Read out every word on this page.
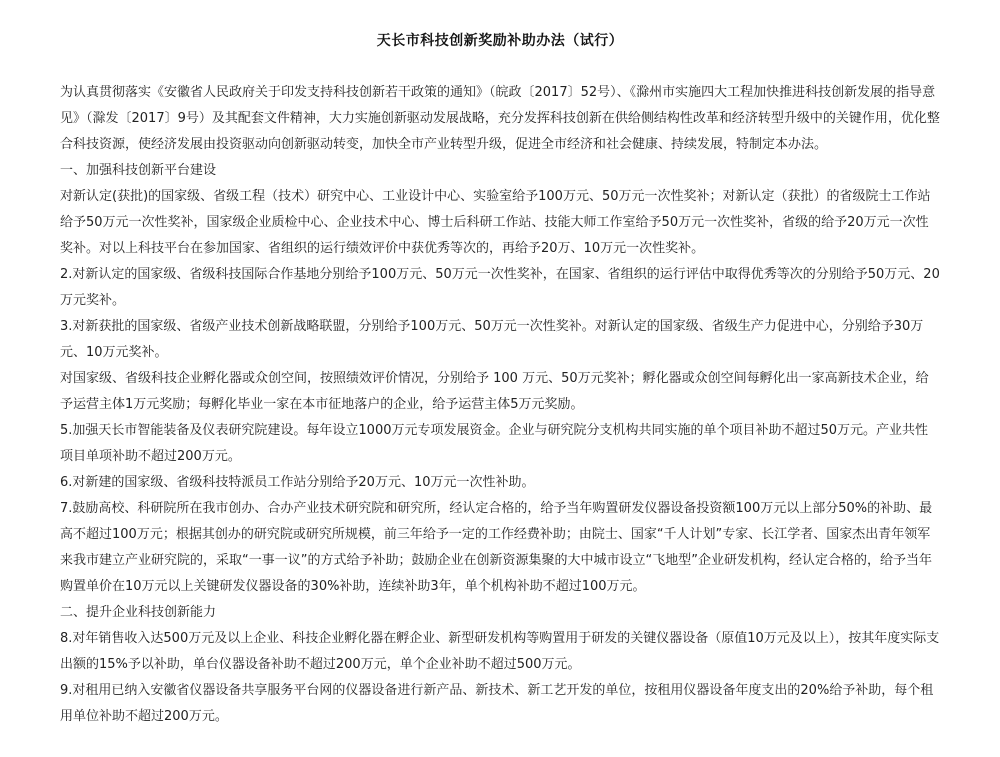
天长市科技创新奖励补助办法（试行）

为认真贯彻落实《安徽省人民政府关于印发支持科技创新若干政策的通知》（皖政〔2017〕52号）、《滁州市实施四大工程加快推进科技创新发展的指导意见》（滁发〔2017〕9号）及其配套文件精神，大力实施创新驱动发展战略，充分发挥科技创新在供给侧结构性改革和经济转型升级中的关键作用，优化整合科技资源，使经济发展由投资驱动向创新驱动转变，加快全市产业转型升级，促进全市经济和社会健康、持续发展，特制定本办法。

一、加强科技创新平台建设

对新认定(获批)的国家级、省级工程（技术）研究中心、工业设计中心、实验室给予100万元、50万元一次性奖补；对新认定（获批）的省级院士工作站给予50万元一次性奖补，国家级企业质检中心、企业技术中心、博士后科研工作站、技能大师工作室给予50万元一次性奖补，省级的给予20万元一次性奖补。对以上科技平台在参加国家、省组织的运行绩效评价中获优秀等次的，再给予20万、10万元一次性奖补。

2.对新认定的国家级、省级科技国际合作基地分别给予100万元、50万元一次性奖补，在国家、省组织的运行评估中取得优秀等次的分别给予50万元、20万元奖补。

3.对新获批的国家级、省级产业技术创新战略联盟，分别给予100万元、50万元一次性奖补。对新认定的国家级、省级生产力促进中心，分别给予30万元、10万元奖补。

对国家级、省级科技企业孵化器或众创空间，按照绩效评价情况，分别给予 100 万元、50万元奖补；孵化器或众创空间每孵化出一家高新技术企业，给予运营主体1万元奖励；每孵化毕业一家在本市征地落户的企业，给予运营主体5万元奖励。

5.加强天长市智能装备及仪表研究院建设。每年设立1000万元专项发展资金。企业与研究院分支机构共同实施的单个项目补助不超过50万元。产业共性项目单项补助不超过200万元。

6.对新建的国家级、省级科技特派员工作站分别给予20万元、10万元一次性补助。

7.鼓励高校、科研院所在我市创办、合办产业技术研究院和研究所，经认定合格的，给予当年购置研发仪器设备投资额100万元以上部分50%的补助、最高不超过100万元；根据其创办的研究院或研究所规模，前三年给予一定的工作经费补助；由院士、国家“千人计划”专家、长江学者、国家杰出青年领军来我市建立产业研究院的，采取“一事一议”的方式给予补助；鼓励企业在创新资源集聚的大中城市设立“飞地型”企业研发机构，经认定合格的，给予当年购置单价在10万元以上关键研发仪器设备的30%补助，连续补助3年，单个机构补助不超过100万元。

二、提升企业科技创新能力

8.对年销售收入达500万元及以上企业、科技企业孵化器在孵企业、新型研发机构等购置用于研发的关键仪器设备（原值10万元及以上），按其年度实际支出额的15%予以补助，单台仪器设备补助不超过200万元，单个企业补助不超过500万元。

9.对租用已纳入安徽省仪器设备共享服务平台网的仪器设备进行新产品、新技术、新工艺开发的单位，按租用仪器设备年度支出的20%给予补助，每个租用单位补助不超过200万元。
